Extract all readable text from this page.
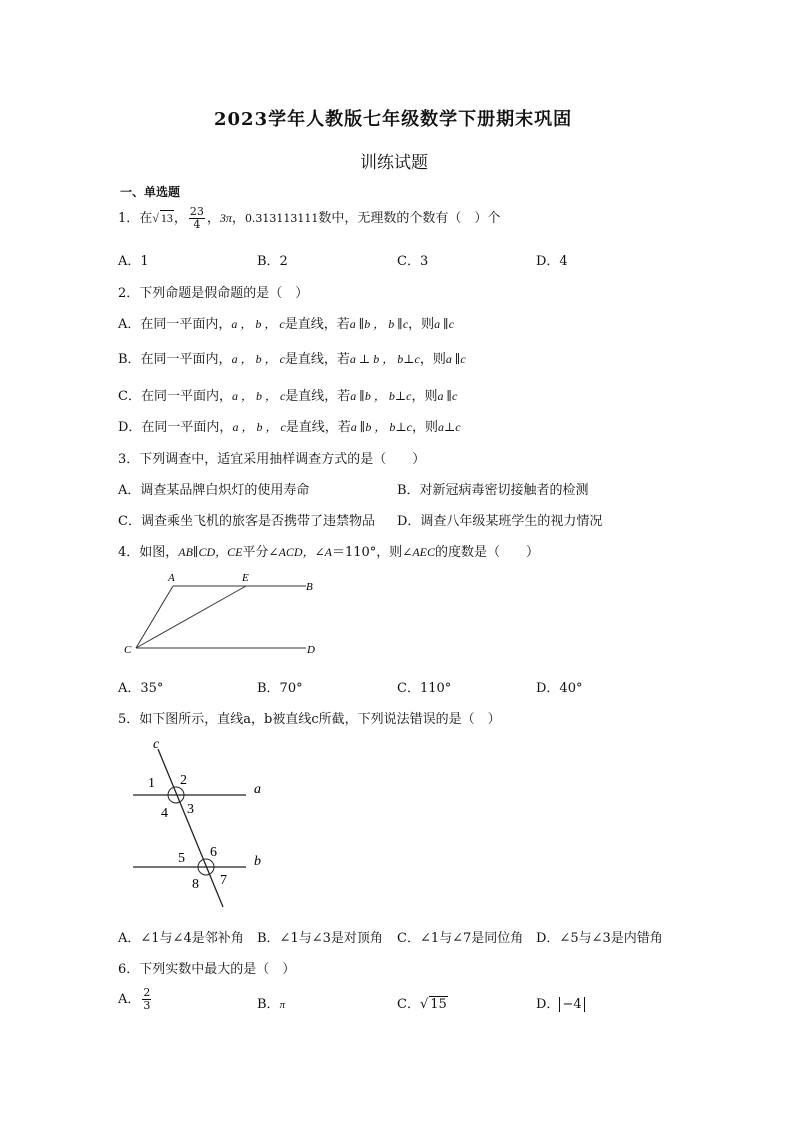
2023学年人教版七年级数学下册期末巩固
训练试题
一、单选题
1．在√ 13， $\frac{23}{4}$ ，3π，0.313113111数中，无理数的个数有（　）个
A．1	B．2	C．3	D．4
2．下列命题是假命题的是（　）
A．在同一平面内，a ， b ， c是直线，若a ∥b ， b ∥c，则a ∥c
B．在同一平面内，a ， b ， c是直线，若a ⊥ b ， b⊥c，则a ∥c
C．在同一平面内，a ， b ， c是直线，若a ∥b ， b⊥c，则a ∥c
D．在同一平面内，a ， b ， c是直线，若a ∥b ， b⊥c，则a⊥c
3．下列调查中，适宜采用抽样调查方式的是（　　）
A．调查某品牌白炽灯的使用寿命	B．对新冠病毒密切接触者的检测
C．调查乘坐飞机的旅客是否携带了违禁物品 D．调查八年级某班学生的视力情况
4．如图，AB∥CD，CE平分∠ACD，∠A＝110°，则∠AEC的度数是（　　）
A	E
B
C	D
A．35°	B．70°	C．110°	D．40°
5．如下图所示，直线a，b被直线c所截，下列说法错误的是（　）
c
a
b
1 2
3
4
5 6
7
8
A．∠1与∠4是邻补角 B．∠1与∠3是对顶角 C．∠1与∠7是同位角 D．∠5与∠3是内错角
6．下列实数中最大的是（　）
A． $\frac{2}{3}$	B．π	C．√ 15	D． −4
